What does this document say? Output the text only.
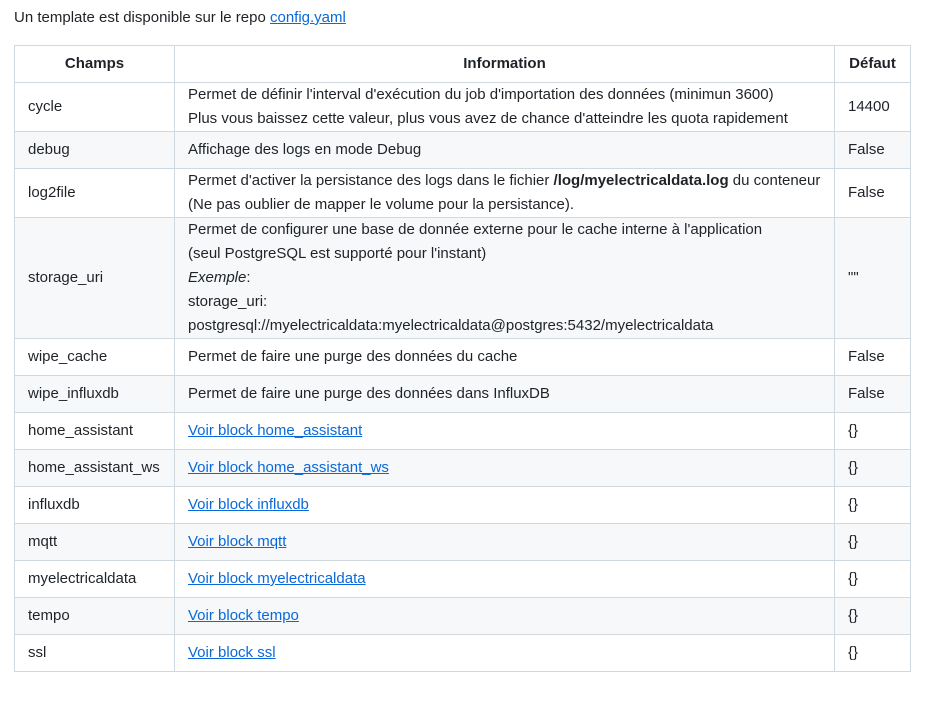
Un template est disponible sur le repo config.yaml

Champs	Information	Défaut
cycle	Permet de définir l'interval d'exécution du job d'importation des données (minimun 3600)
Plus vous baissez cette valeur, plus vous avez de chance d'atteindre les quota rapidement	14400
debug	Affichage des logs en mode Debug	False
log2file	Permet d'activer la persistance des logs dans le fichier /log/myelectricaldata.log du conteneur (Ne pas oublier de mapper le volume pour la persistance).	False
storage_uri	Permet de configurer une base de donnée externe pour le cache interne à l'application
(seul PostgreSQL est supporté pour l'instant)
Exemple:
storage_uri:
postgresql://myelectricaldata:myelectricaldata@postgres:5432/myelectricaldata	""
wipe_cache	Permet de faire une purge des données du cache	False
wipe_influxdb	Permet de faire une purge des données dans InfluxDB	False
home_assistant	Voir block home_assistant	{}
home_assistant_ws	Voir block home_assistant_ws	{}
influxdb	Voir block influxdb	{}
mqtt	Voir block mqtt	{}
myelectricaldata	Voir block myelectricaldata	{}
tempo	Voir block tempo	{}
ssl	Voir block ssl	{}
